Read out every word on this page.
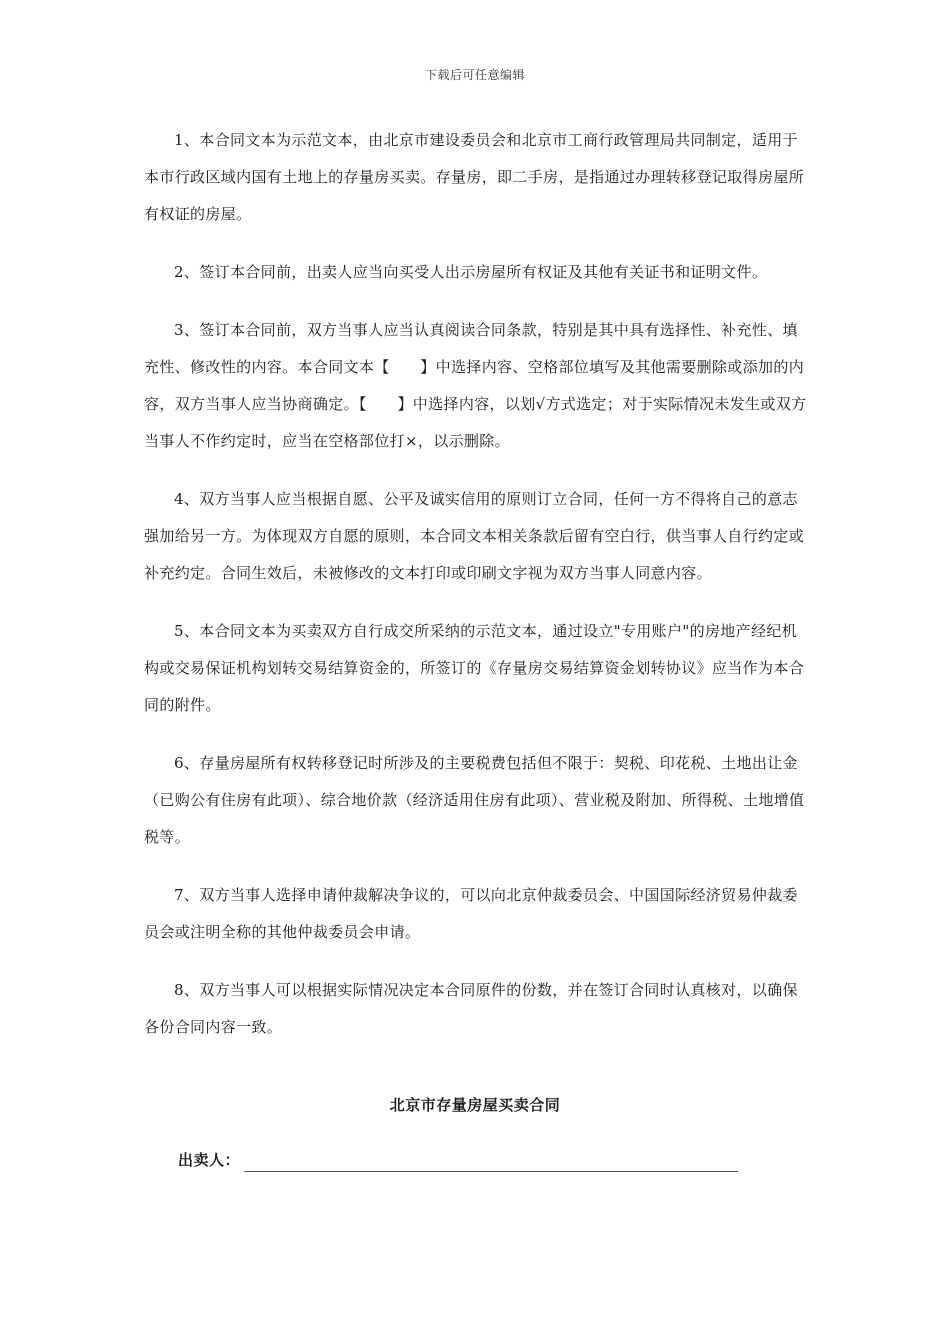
下载后可任意编辑

1、本合同文本为示范文本，由北京市建设委员会和北京市工商行政管理局共同制定，适用于本市行政区域内国有土地上的存量房买卖。存量房，即二手房，是指通过办理转移登记取得房屋所有权证的房屋。

2、签订本合同前，出卖人应当向买受人出示房屋所有权证及其他有关证书和证明文件。

3、签订本合同前，双方当事人应当认真阅读合同条款，特别是其中具有选择性、补充性、填充性、修改性的内容。本合同文本【　　】中选择内容、空格部位填写及其他需要删除或添加的内容，双方当事人应当协商确定。【　　】中选择内容，以划√方式选定；对于实际情况未发生或双方当事人不作约定时，应当在空格部位打×，以示删除。

4、双方当事人应当根据自愿、公平及诚实信用的原则订立合同，任何一方不得将自己的意志强加给另一方。为体现双方自愿的原则，本合同文本相关条款后留有空白行，供当事人自行约定或补充约定。合同生效后，未被修改的文本打印或印刷文字视为双方当事人同意内容。

5、本合同文本为买卖双方自行成交所采纳的示范文本，通过设立"专用账户"的房地产经纪机构或交易保证机构划转交易结算资金的，所签订的《存量房交易结算资金划转协议》应当作为本合同的附件。

6、存量房屋所有权转移登记时所涉及的主要税费包括但不限于：契税、印花税、土地出让金（已购公有住房有此项）、综合地价款（经济适用住房有此项）、营业税及附加、所得税、土地增值税等。

7、双方当事人选择申请仲裁解决争议的，可以向北京仲裁委员会、中国国际经济贸易仲裁委员会或注明全称的其他仲裁委员会申请。

8、双方当事人可以根据实际情况决定本合同原件的份数，并在签订合同时认真核对，以确保各份合同内容一致。

北京市存量房屋买卖合同
出卖人：
